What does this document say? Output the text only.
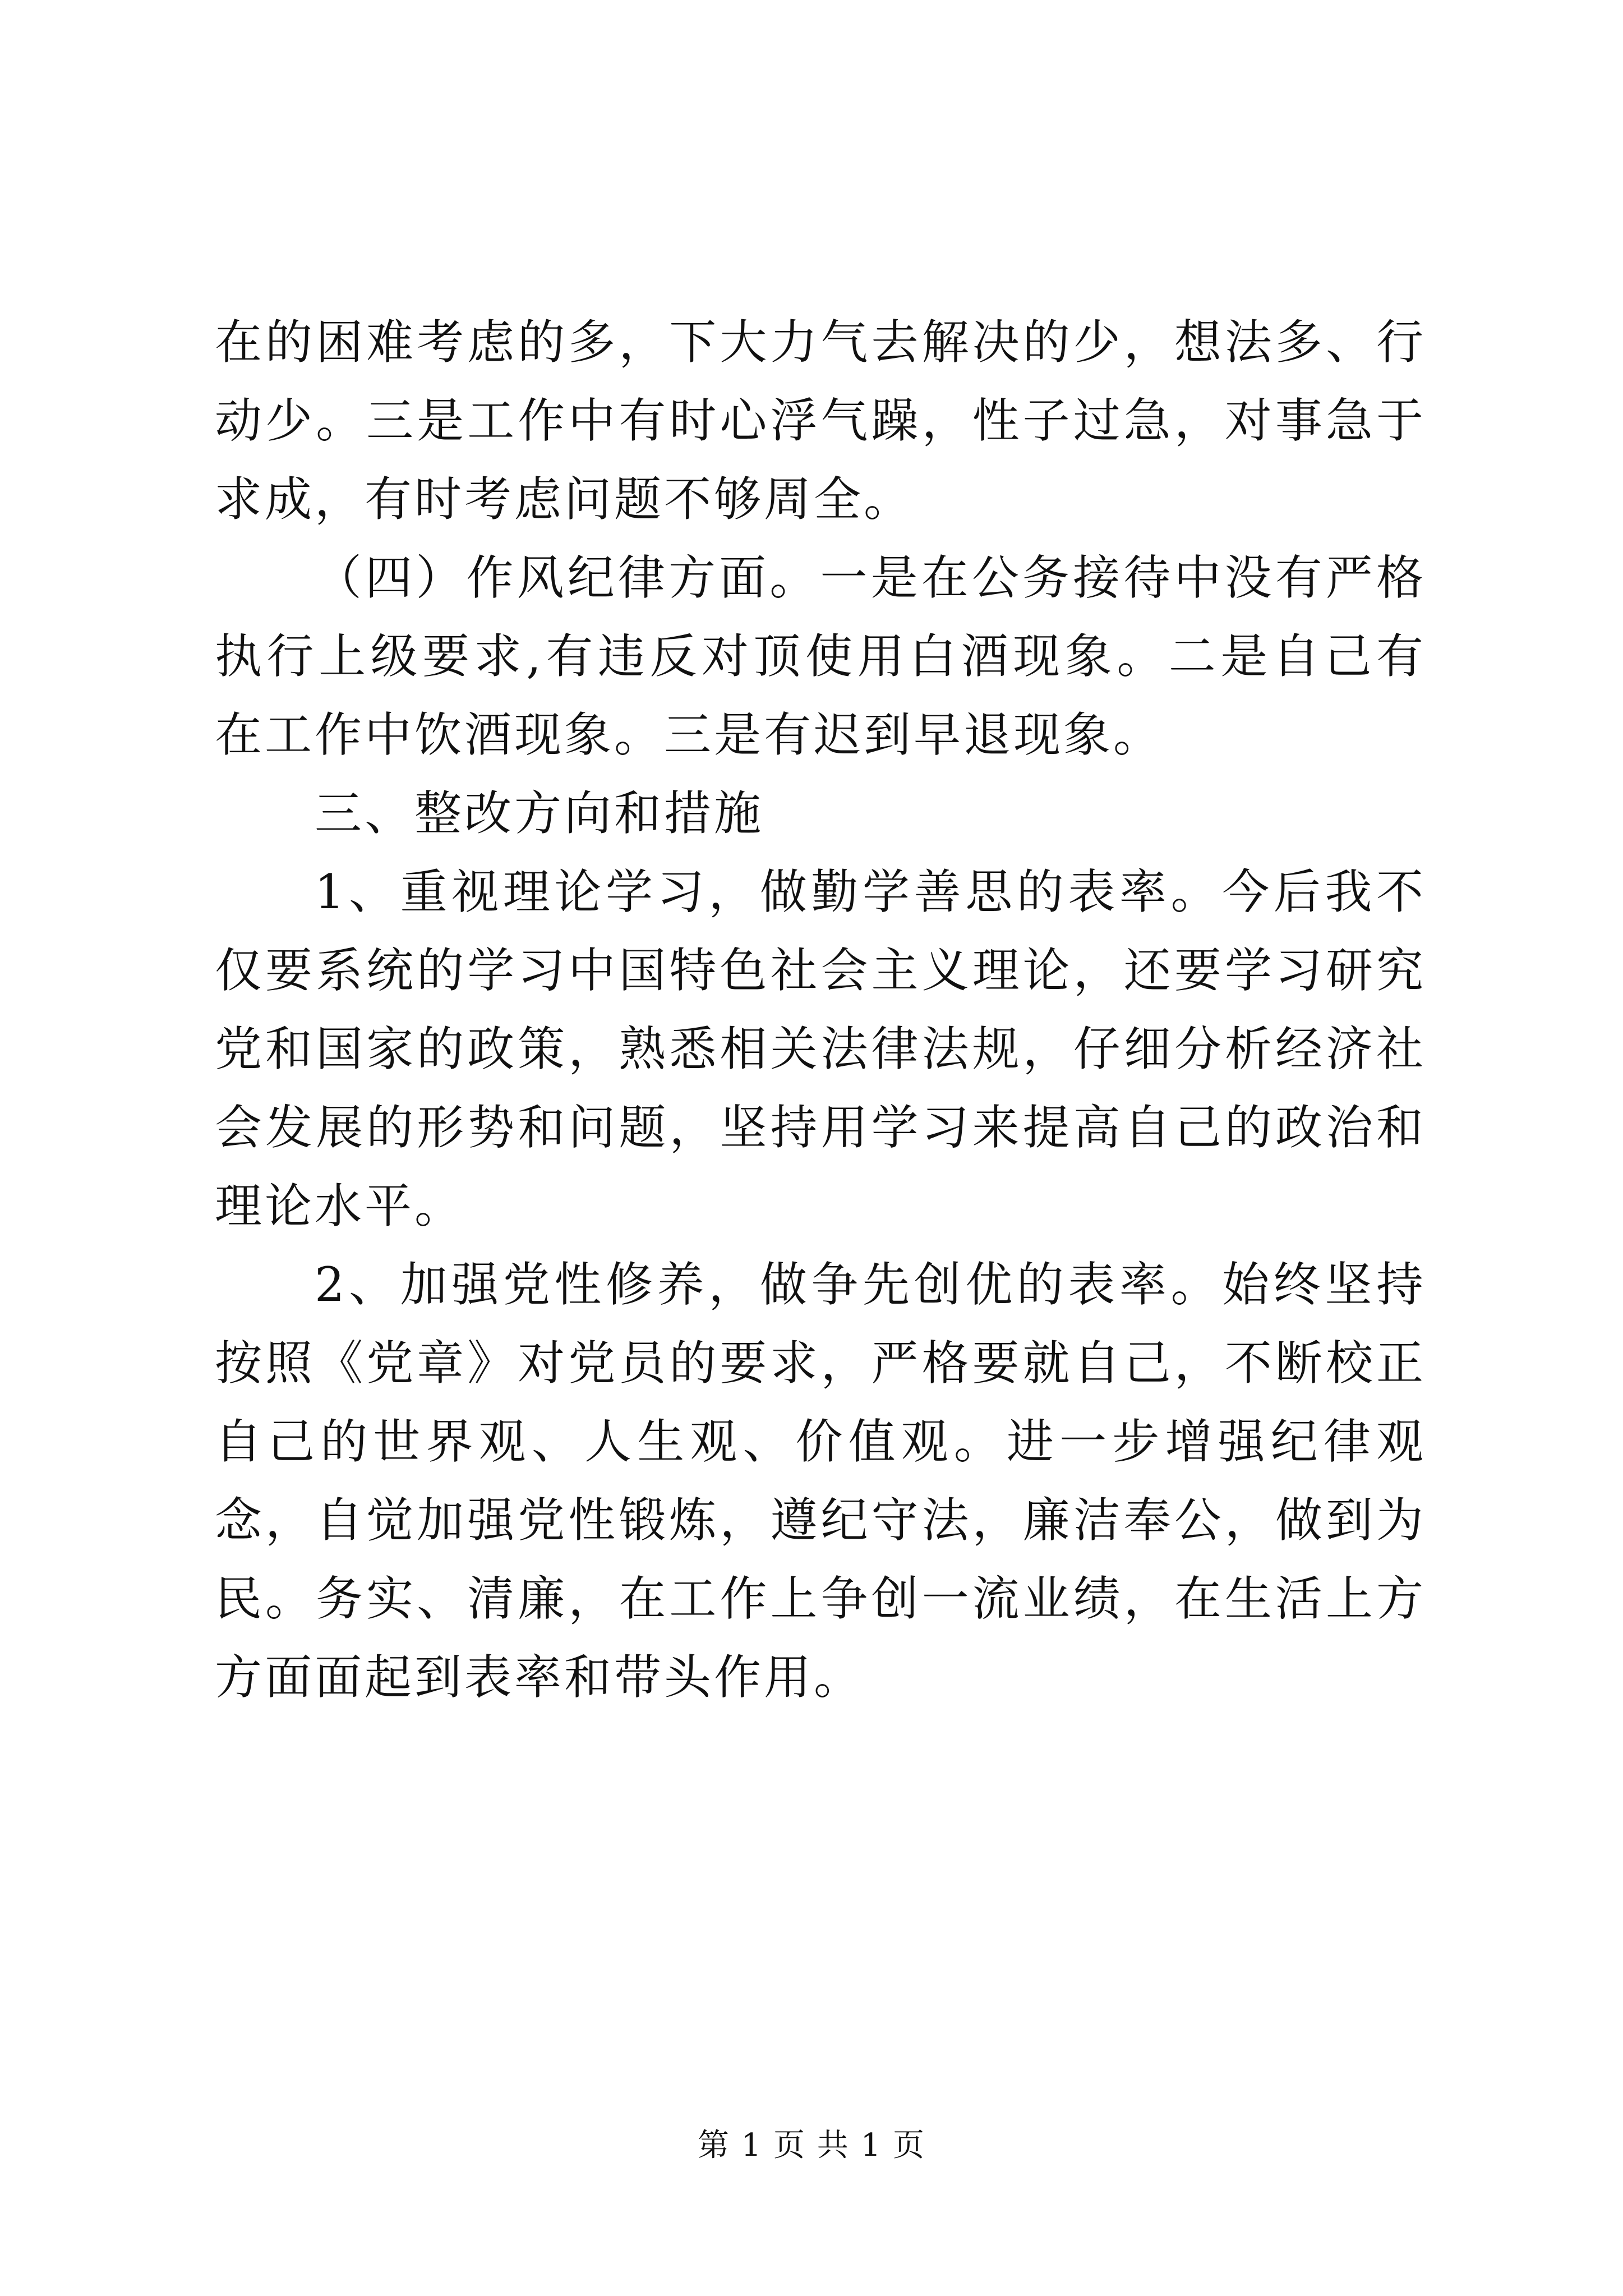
在的困难考虑的多，下大力气去解决的少，想法多、行动少。三是工作中有时心浮气躁，性子过急，对事急于求成，有时考虑问题不够周全。

（四）作风纪律方面。一是在公务接待中没有严格执行上级要求,有违反对顶使用白酒现象。二是自己有在工作中饮酒现象。三是有迟到早退现象。

三、整改方向和措施

1、重视理论学习，做勤学善思的表率。今后我不仅要系统的学习中国特色社会主义理论，还要学习研究党和国家的政策，熟悉相关法律法规，仔细分析经济社会发展的形势和问题，坚持用学习来提高自己的政治和理论水平。

2、加强党性修养，做争先创优的表率。始终坚持按照《党章》对党员的要求，严格要就自己，不断校正自己的世界观、人生观、价值观。进一步增强纪律观念，自觉加强党性锻炼，遵纪守法，廉洁奉公，做到为民。务实、清廉，在工作上争创一流业绩，在生活上方方面面起到表率和带头作用。

第 1 页 共 1 页
